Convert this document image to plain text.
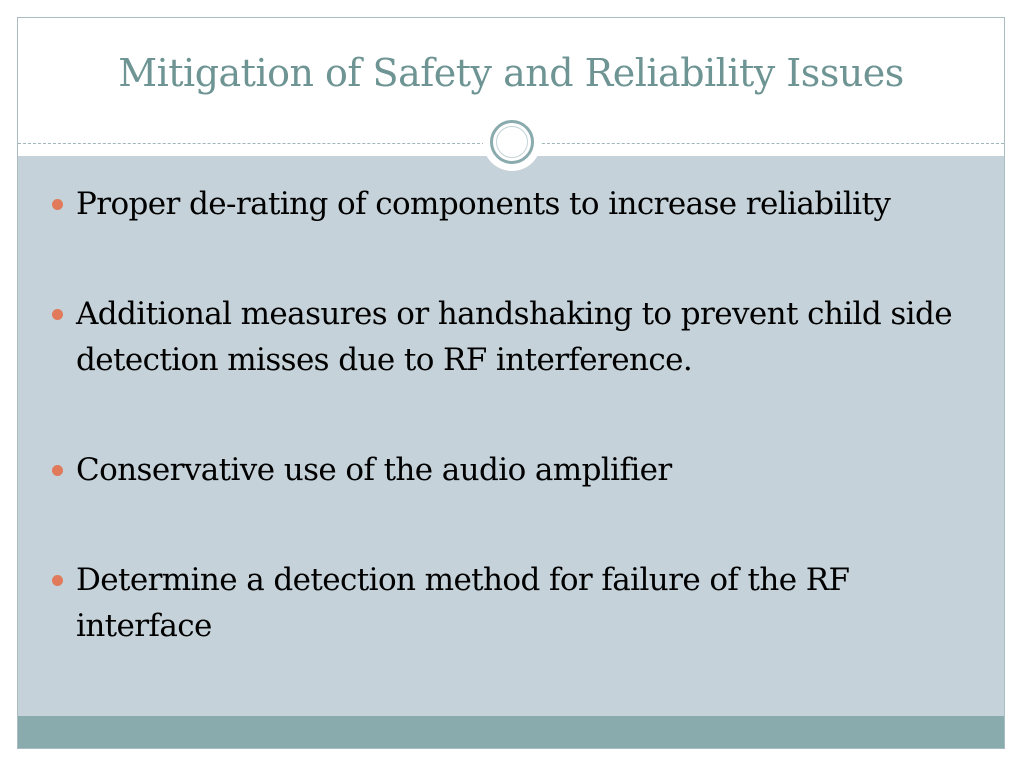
Mitigation of Safety and Reliability Issues
Proper de-rating of components to increase reliability
Additional measures or handshaking to prevent child side detection misses due to RF interference.
Conservative use of the audio amplifier
Determine a detection method for failure of the RF interface
